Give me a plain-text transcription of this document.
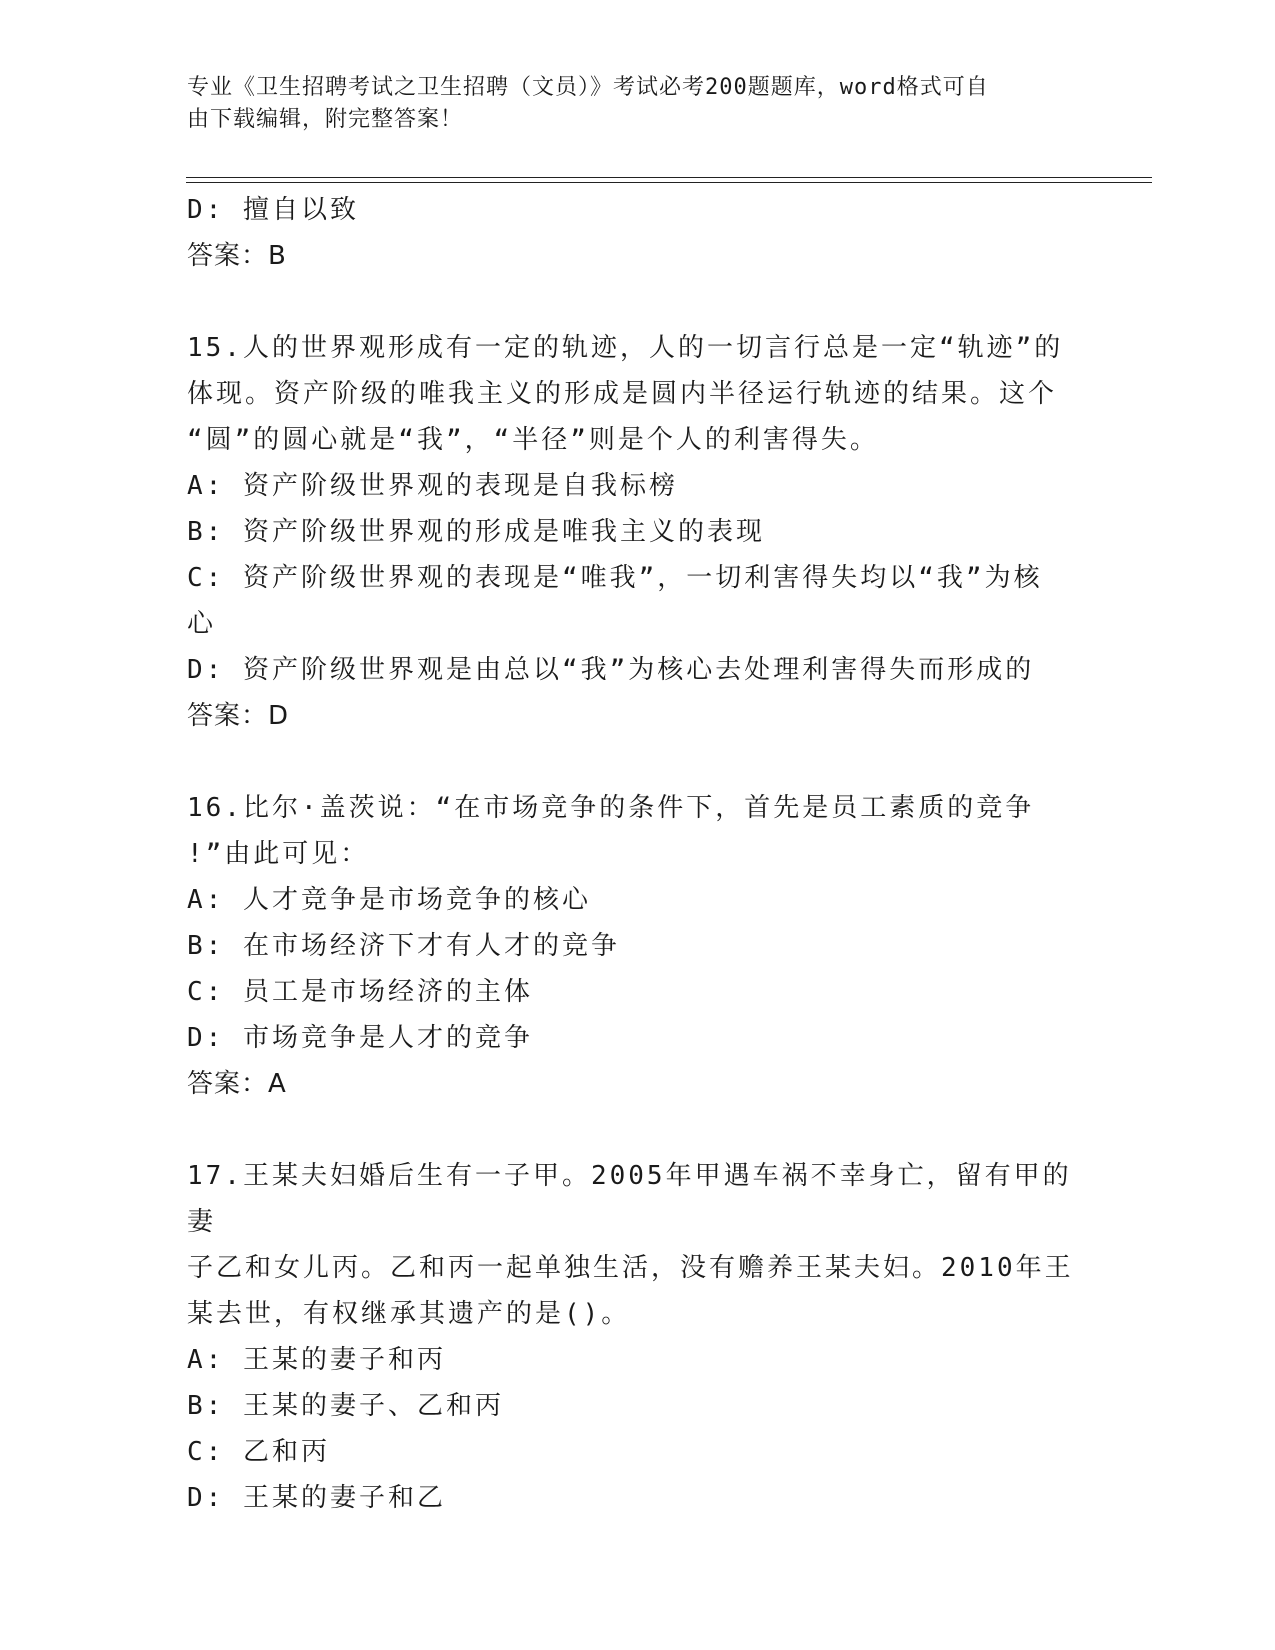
专业《卫生招聘考试之卫生招聘（文员）》考试必考200题题库，word格式可自
由下载编辑，附完整答案！
D: 擅自以致
答案：B
15.人的世界观形成有一定的轨迹，人的一切言行总是一定“轨迹”的
体现。资产阶级的唯我主义的形成是圆内半径运行轨迹的结果。这个
“圆”的圆心就是“我”，“半径”则是个人的利害得失。
A: 资产阶级世界观的表现是自我标榜
B: 资产阶级世界观的形成是唯我主义的表现
C: 资产阶级世界观的表现是“唯我”，一切利害得失均以“我”为核
心
D: 资产阶级世界观是由总以“我”为核心去处理利害得失而形成的
答案：D
16.比尔·盖茨说：“在市场竞争的条件下，首先是员工素质的竞争
!”由此可见：
A: 人才竞争是市场竞争的核心
B: 在市场经济下才有人才的竞争
C: 员工是市场经济的主体
D: 市场竞争是人才的竞争
答案：A
17.王某夫妇婚后生有一子甲。2005年甲遇车祸不幸身亡，留有甲的妻
子乙和女儿丙。乙和丙一起单独生活，没有赡养王某夫妇。2010年王
某去世，有权继承其遗产的是()。
A: 王某的妻子和丙
B: 王某的妻子、乙和丙
C: 乙和丙
D: 王某的妻子和乙
